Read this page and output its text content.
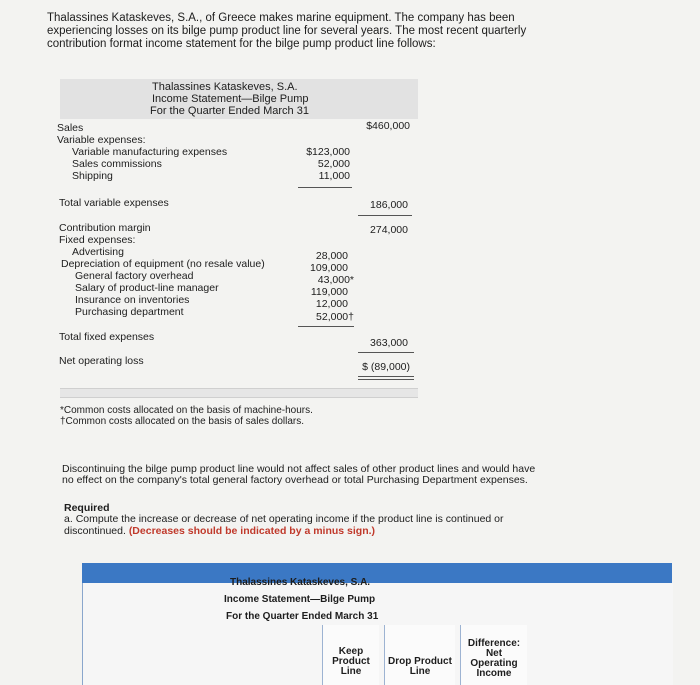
Thalassines Kataskeves, S.A., of Greece makes marine equipment. The company has been experiencing losses on its bilge pump product line for several years. The most recent quarterly contribution format income statement for the bilge pump product line follows:
Thalassines Kataskeves, S.A.
Income Statement—Bilge Pump
For the Quarter Ended March 31
Sales	$460,000
Variable expenses:
Variable manufacturing expenses	$123,000
Sales commissions	52,000
Shipping	11,000
Total variable expenses	186,000
Contribution margin	274,000
Fixed expenses:
Advertising	28,000
Depreciation of equipment (no resale value)	109,000
General factory overhead	43,000*
Salary of product-line manager	119,000
Insurance on inventories	12,000
Purchasing department	52,000†
Total fixed expenses	363,000
Net operating loss	$ (89,000)
*Common costs allocated on the basis of machine-hours.
†Common costs allocated on the basis of sales dollars.
Discontinuing the bilge pump product line would not affect sales of other product lines and would have no effect on the company's total general factory overhead or total Purchasing Department expenses.
Required
a. Compute the increase or decrease of net operating income if the product line is continued or discontinued. (Decreases should be indicated by a minus sign.)
Thalassines Kataskeves, S.A.
Income Statement—Bilge Pump
For the Quarter Ended March 31
Keep Product Line
Drop Product Line
Difference: Net Operating Income
